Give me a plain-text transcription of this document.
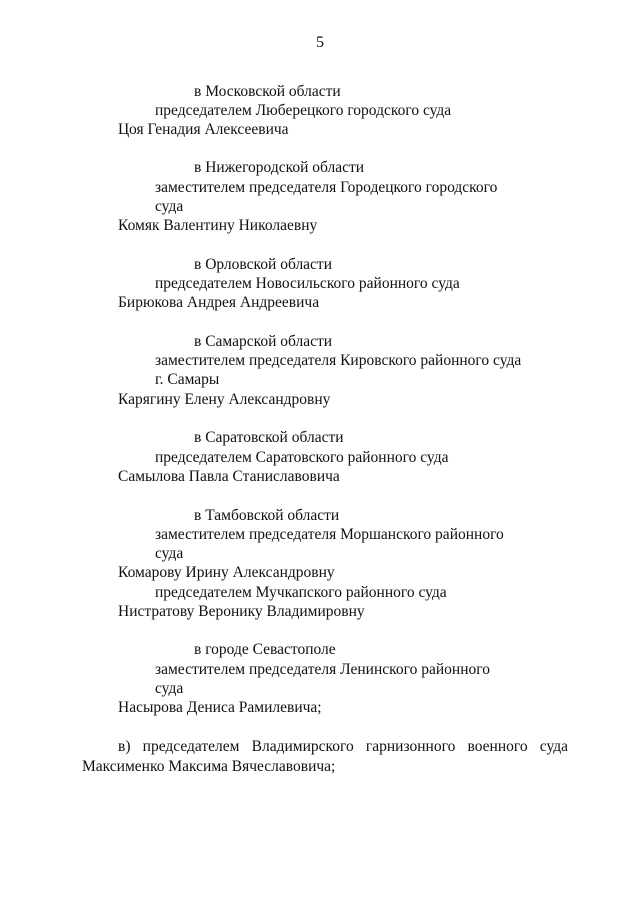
5
в Московской области
председателем Люберецкого городского суда
Цоя Генадия Алексеевича
в Нижегородской области
заместителем председателя Городецкого городского
суда
Комяк Валентину Николаевну
в Орловской области
председателем Новосильского районного суда
Бирюкова Андрея Андреевича
в Самарской области
заместителем председателя Кировского районного суда
г. Самары
Карягину Елену Александровну
в Саратовской области
председателем Саратовского районного суда
Самылова Павла Станиславовича
в Тамбовской области
заместителем председателя Моршанского районного
суда
Комарову Ирину Александровну
председателем Мучкапского районного суда
Нистратову Веронику Владимировну
в городе Севастополе
заместителем председателя Ленинского районного
суда
Насырова Дениса Рамилевича;
в) председателем Владимирского гарнизонного военного суда
Максименко Максима Вячеславовича;
